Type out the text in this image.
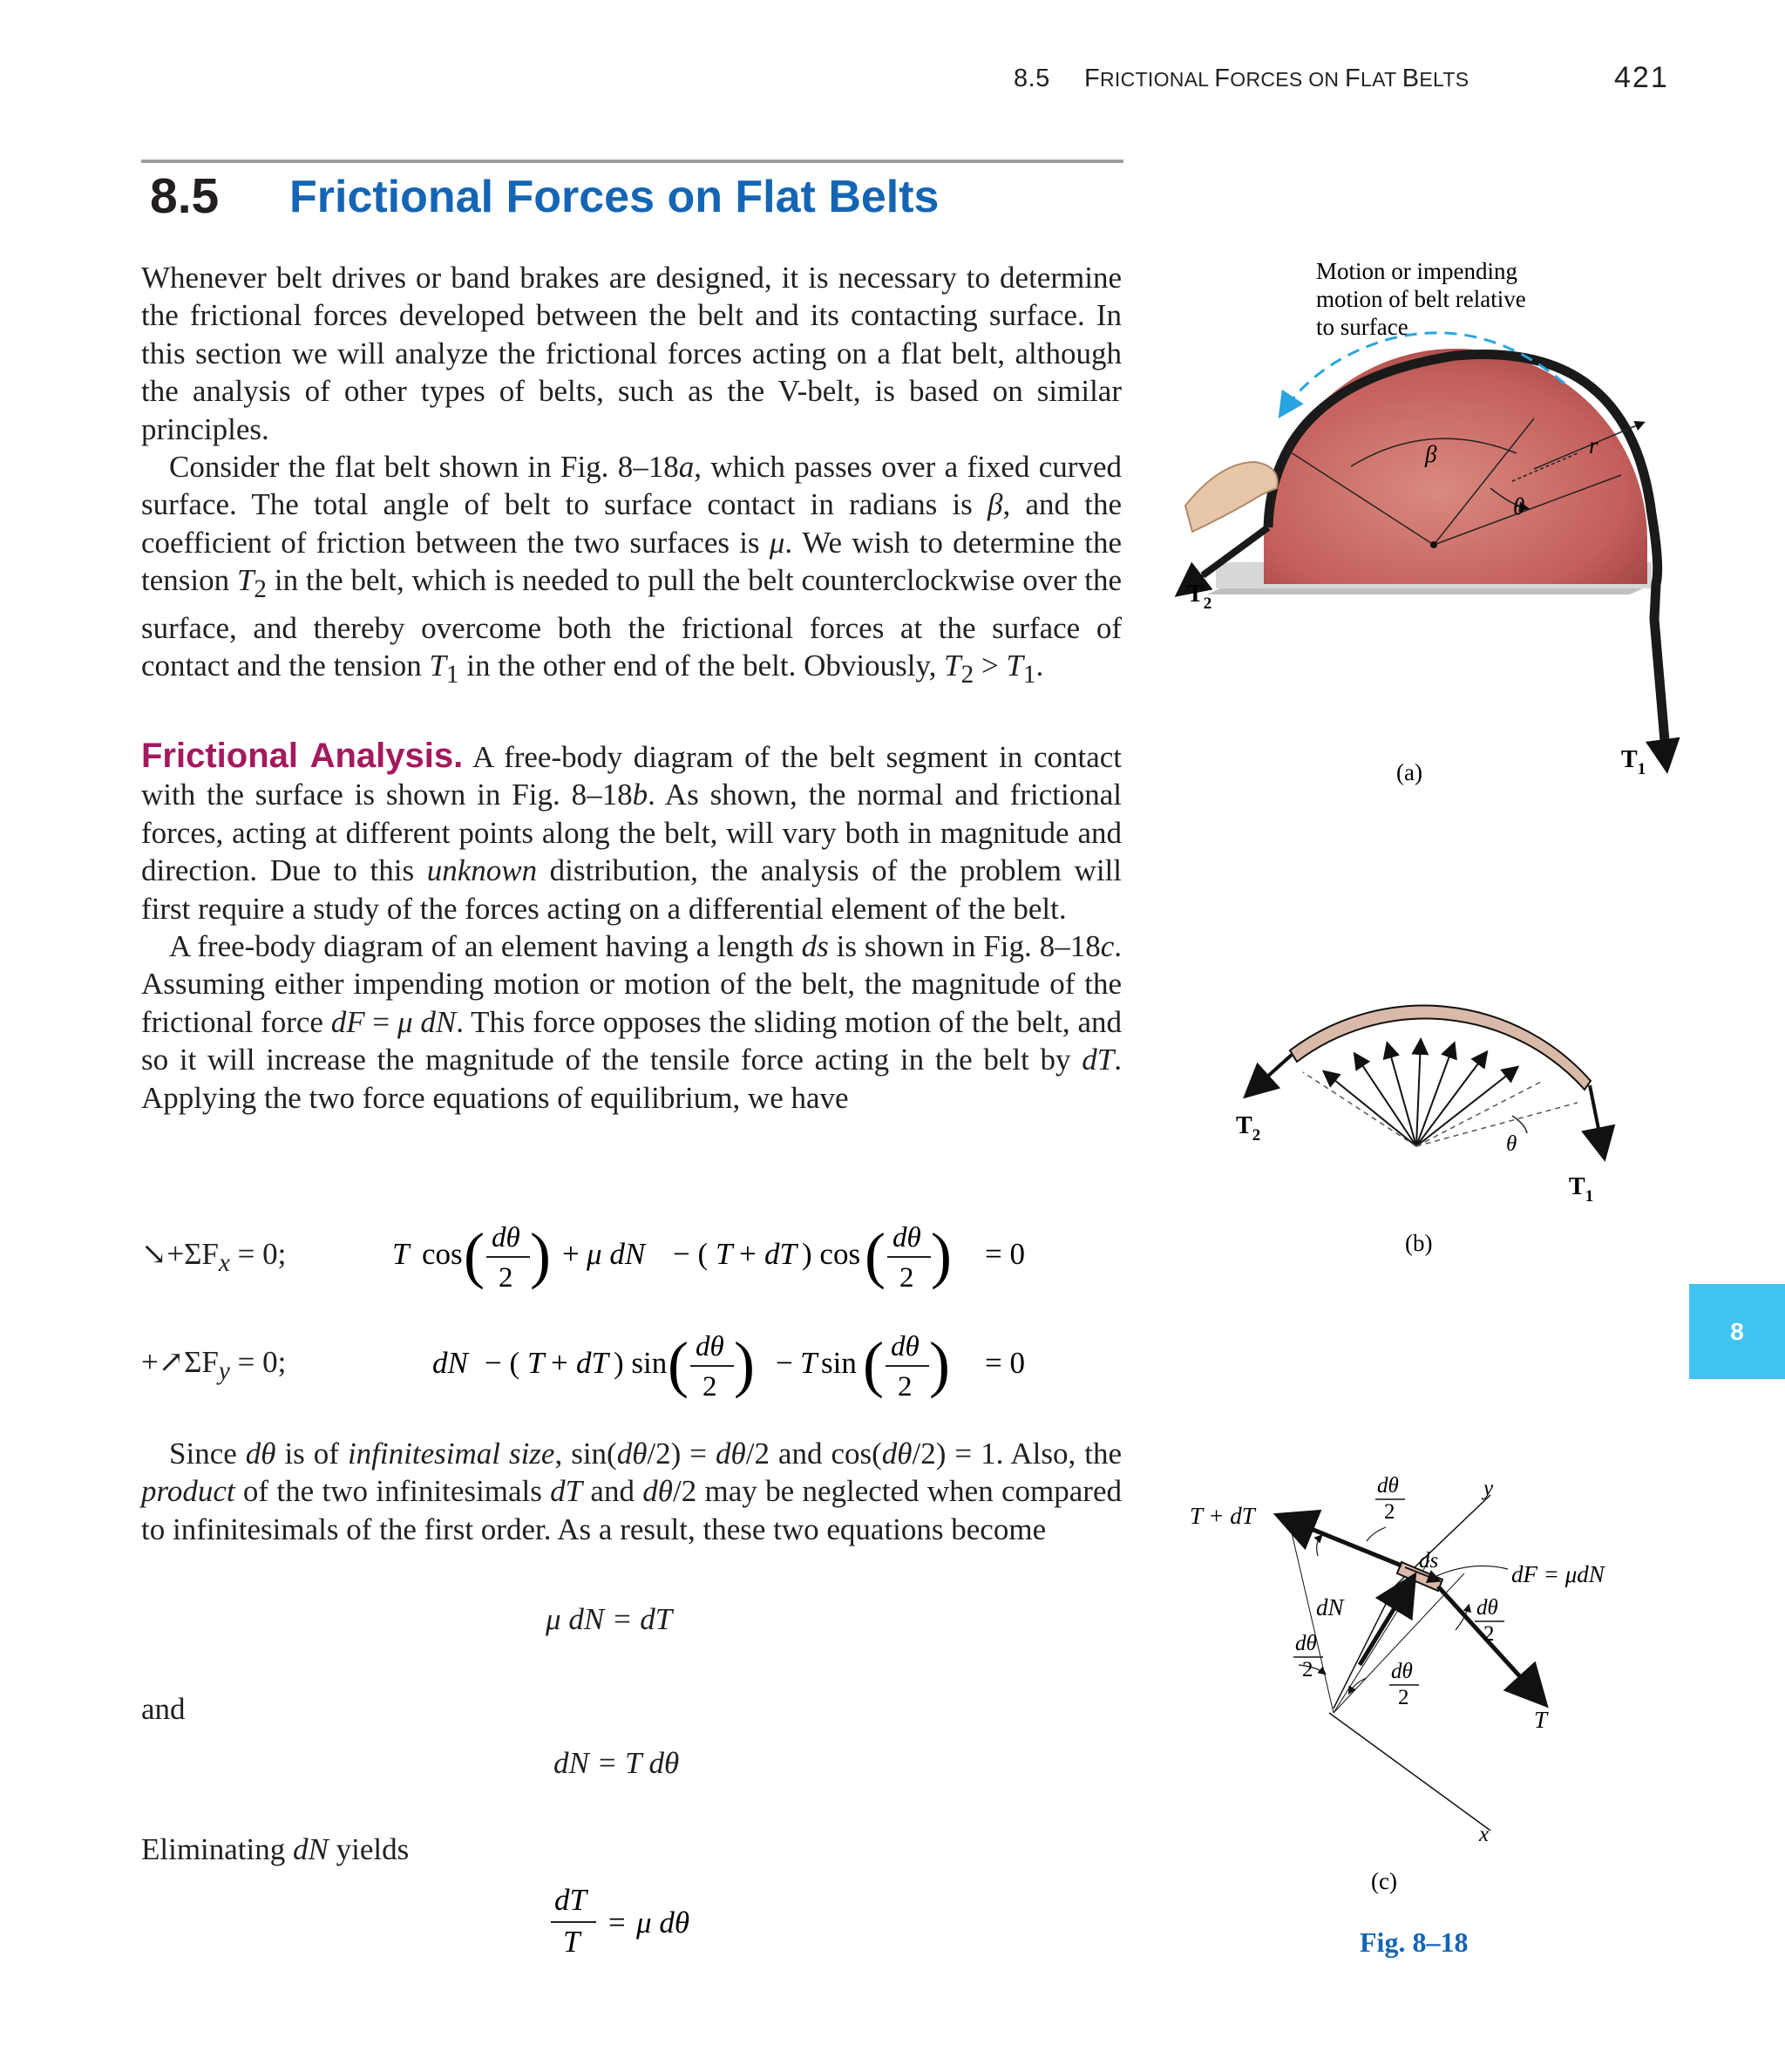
8.5 FRICTIONAL FORCES ON FLAT BELTS	421
8.5 Frictional Forces on Flat Belts

Whenever belt drives or band brakes are designed, it is necessary to determine the frictional forces developed between the belt and its contacting surface. In this section we will analyze the frictional forces acting on a flat belt, although the analysis of other types of belts, such as the V-belt, is based on similar principles.

Consider the flat belt shown in Fig. 8–18a, which passes over a fixed curved surface. The total angle of belt to surface contact in radians is β, and the coefficient of friction between the two surfaces is μ. We wish to determine the tension $T_2$ in the belt, which is needed to pull the belt counterclockwise over the surface, and thereby overcome both the frictional forces at the surface of contact and the tension $T_1$ in the other end of the belt. Obviously, $T_2 > T_1$.

Frictional Analysis. A free-body diagram of the belt segment in contact with the surface is shown in Fig. 8–18b. As shown, the normal and frictional forces, acting at different points along the belt, will vary both in magnitude and direction. Due to this unknown distribution, the analysis of the problem will first require a study of the forces acting on a differential element of the belt.

A free-body diagram of an element having a length ds is shown in Fig. 8–18c. Assuming either impending motion or motion of the belt, the magnitude of the frictional force dF = μ dN. This force opposes the sliding motion of the belt, and so it will increase the magnitude of the tensile force acting in the belt by dT. Applying the two force equations of equilibrium, we have

$↘+\Sigma F_x = 0$;	T cos ( dθ
2 ) + μ dN − ( T + dT ) cos ( dθ
2 ) = 0
$+↗\Sigma F_y = 0$;	dN − ( T + dT ) sin ( dθ
2 ) − T sin ( dθ
2 ) = 0

Since dθ is of infinitesimal size, sin(dθ/2) = dθ/2 and cos(dθ/2) = 1. Also, the product of the two infinitesimals dT and dθ/2 may be neglected when compared to infinitesimals of the first order. As a result, these two equations become

μ dN = dT
and
dN = T dθ
Eliminating dN yields
dT
T
= μ dθ
8
Motion or impending
motion of belt relative
to surface
β
θ
r
$T_2$
$T_1$
(a)
$T_2$
$T_1$
θ
(b)
T + dT
dθ
2
y
ds
dF = μdN
dN	dθ
2
dθ
2	dθ
2
T
x
(c)
Fig. 8–18
